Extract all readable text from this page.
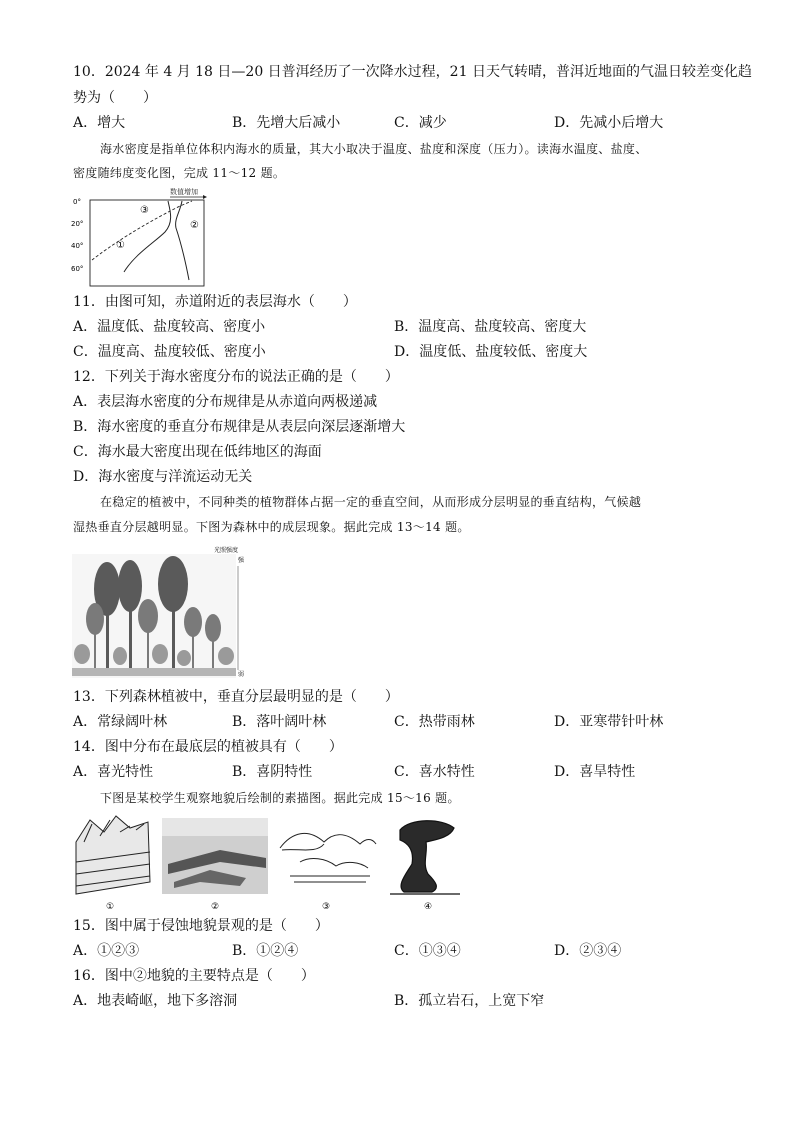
10．2024 年 4 月 18 日—20 日普洱经历了一次降水过程，21 日天气转晴，普洱近地面的气温日较差变化趋
势为（　　）
A．增大	B．先增大后减小	C．减少	D．先减小后增大
海水密度是指单位体积内海水的质量，其大小取决于温度、盐度和深度（压力）。读海水温度、盐度、
密度随纬度变化图，完成 11～12 题。
数值增加
0°
20°
40°
60°
①
②
③
11．由图可知，赤道附近的表层海水（　　）
A．温度低、盐度较高、密度小	B．温度高、盐度较高、密度大
C．温度高、盐度较低、密度小	D．温度低、盐度较低、密度大
12．下列关于海水密度分布的说法正确的是（　　）
A．表层海水密度的分布规律是从赤道向两极递减
B．海水密度的垂直分布规律是从表层向深层逐渐增大
C．海水最大密度出现在低纬地区的海面
D．海水密度与洋流运动无关
在稳定的植被中，不同种类的植物群体占据一定的垂直空间，从而形成分层明显的垂直结构，气候越
湿热垂直分层越明显。下图为森林中的成层现象。据此完成 13～14 题。
光照强度
强
弱
13．下列森林植被中，垂直分层最明显的是（　　）
A．常绿阔叶林	B．落叶阔叶林	C．热带雨林	D．亚寒带针叶林
14．图中分布在最底层的植被具有（　　）
A．喜光特性	B．喜阴特性	C．喜水特性	D．喜旱特性
下图是某校学生观察地貌后绘制的素描图。据此完成 15～16 题。
①	②	③	④
15．图中属于侵蚀地貌景观的是（　　）
A．①②③	B．①②④	C．①③④	D．②③④
16．图中②地貌的主要特点是（　　）
A．地表崎岖，地下多溶洞	B．孤立岩石，上宽下窄
